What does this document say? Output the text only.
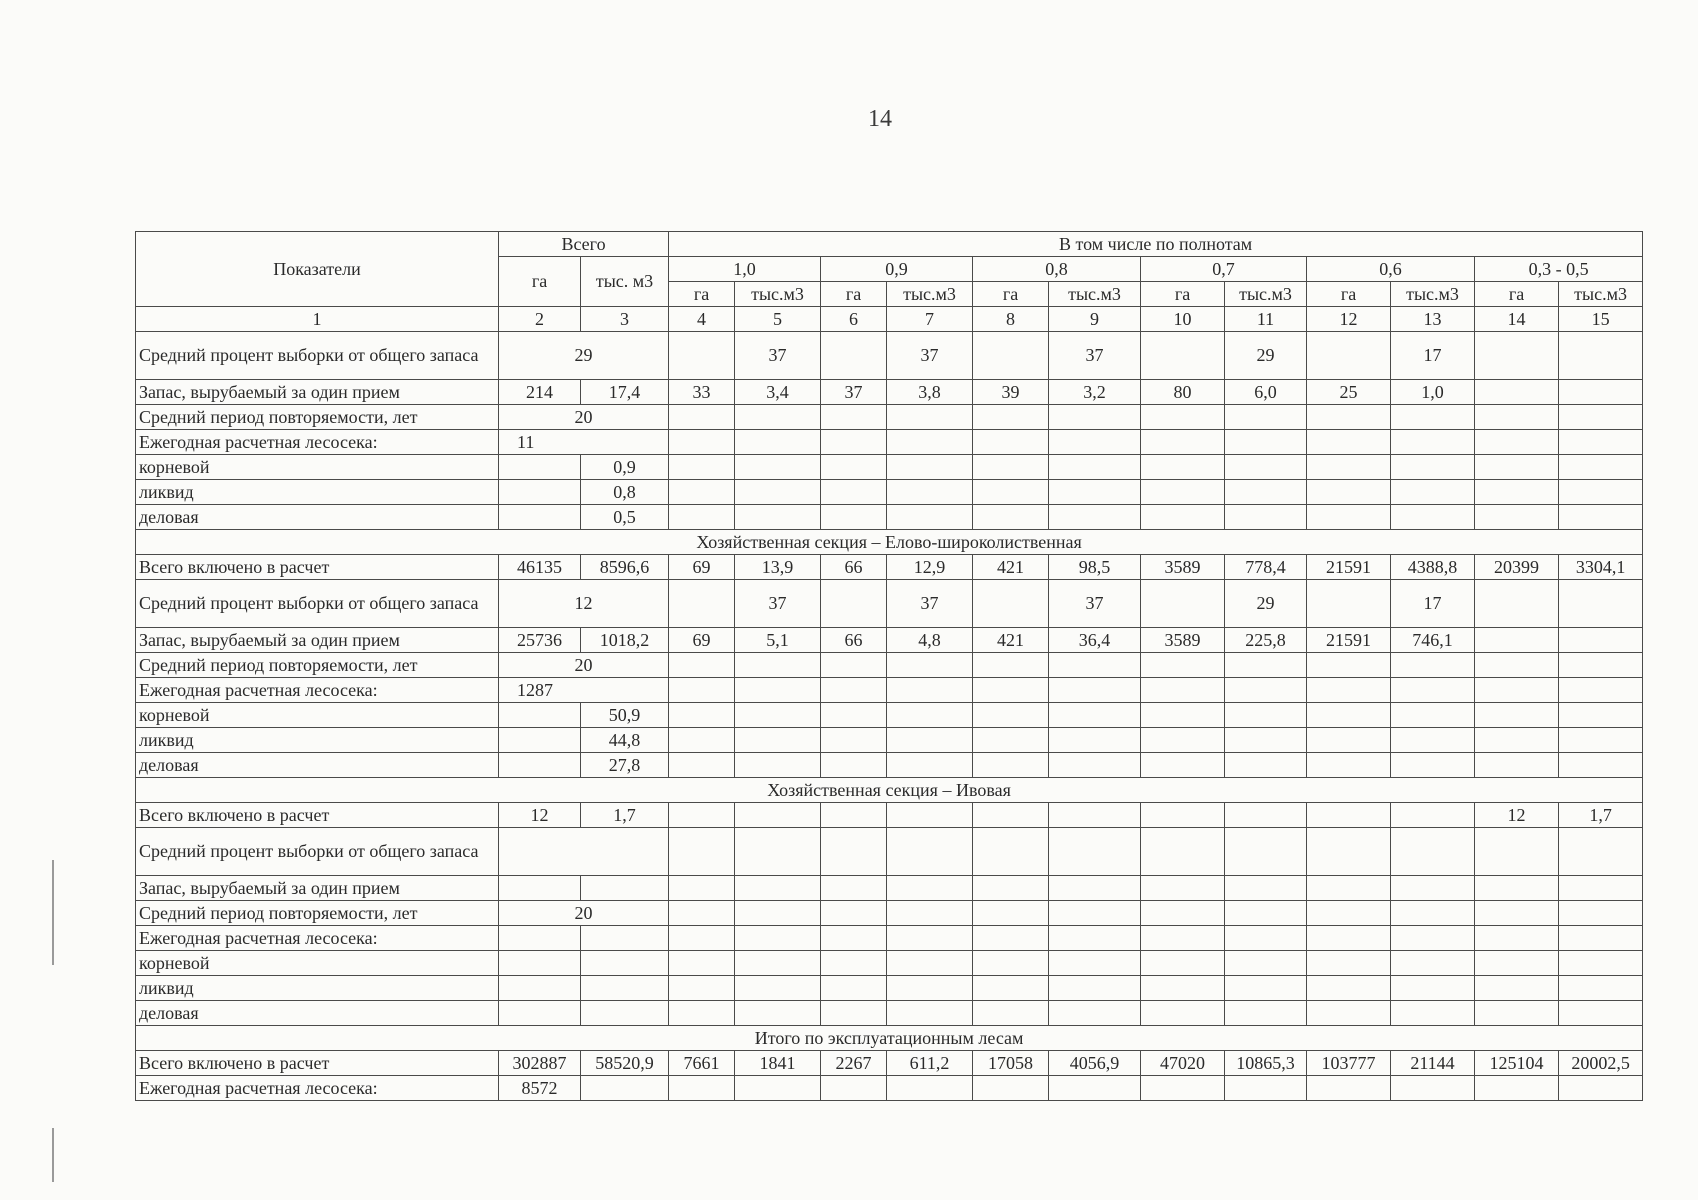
14
Показатели	Всего		В том числе по полнотам											
	га	тыс. м3	1,0		0,9		0,8		0,7		0,6		0,3 - 0,5	
			га	тыс.м3	га	тыс.м3	га	тыс.м3	га	тыс.м3	га	тыс.м3	га	тыс.м3
1	2	3	4	5	6	7	8	9	10	11	12	13	14	15
Средний процент выборки от общего запаса	29			37		37		37		29		17		
Запас, вырубаемый за один прием	214	17,4	33	3,4	37	3,8	39	3,2	80	6,0	25	1,0		
Средний период повторяемости, лет	20													
Ежегодная расчетная лесосека:	11													
корневой		0,9												
ликвид		0,8												
деловая		0,5												
Хозяйственная секция – Елово-широколиственная														
Всего включено в расчет	46135	8596,6	69	13,9	66	12,9	421	98,5	3589	778,4	21591	4388,8	20399	3304,1
Средний процент выборки от общего запаса	12			37		37		37		29		17		
Запас, вырубаемый за один прием	25736	1018,2	69	5,1	66	4,8	421	36,4	3589	225,8	21591	746,1		
Средний период повторяемости, лет	20													
Ежегодная расчетная лесосека:	1287													
корневой		50,9												
ликвид		44,8												
деловая		27,8												
Хозяйственная секция – Ивовая														
Всего включено в расчет	12	1,7											12	1,7
Средний процент выборки от общего запаса														
Запас, вырубаемый за один прием														
Средний период повторяемости, лет	20													
Ежегодная расчетная лесосека:														
корневой														
ликвид														
деловая														
Итого по эксплуатационным лесам														
Всего включено в расчет	302887	58520,9	7661	1841	2267	611,2	17058	4056,9	47020	10865,3	103777	21144	125104	20002,5
Ежегодная расчетная лесосека:	8572													
